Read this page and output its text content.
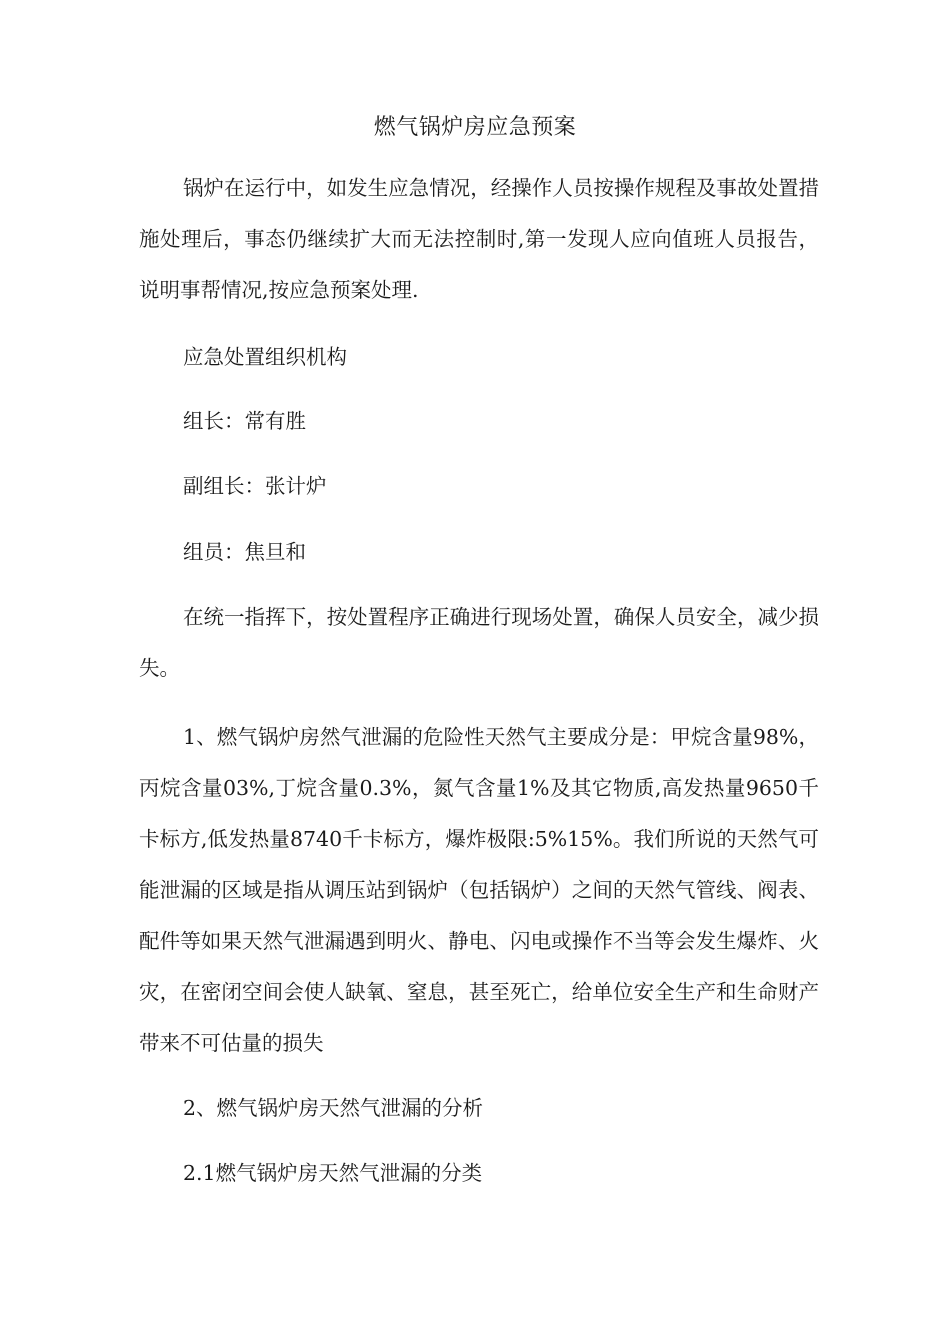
燃气锅炉房应急预案

锅炉在运行中，如发生应急情况，经操作人员按操作规程及事故处置措施处理后，事态仍继续扩大而无法控制时,第一发现人应向值班人员报告，说明事帮情况,按应急预案处理.

应急处置组织机构
组长：常有胜
副组长：张计炉
组员：焦旦和

在统一指挥下，按处置程序正确进行现场处置，确保人员安全，减少损失。

1、燃气锅炉房然气泄漏的危险性天然气主要成分是：甲烷含量98%，丙烷含量03%,丁烷含量0.3%，氮气含量1%及其它物质,高发热量9650千卡标方,低发热量8740千卡标方，爆炸极限:5%15%。我们所说的天然气可能泄漏的区域是指从调压站到锅炉（包括锅炉）之间的天然气管线、阀表、配件等如果天然气泄漏遇到明火、静电、闪电或操作不当等会发生爆炸、火灾，在密闭空间会使人缺氧、窒息，甚至死亡，给单位安全生产和生命财产带来不可估量的损失

2、燃气锅炉房天然气泄漏的分析
2.1燃气锅炉房天然气泄漏的分类
